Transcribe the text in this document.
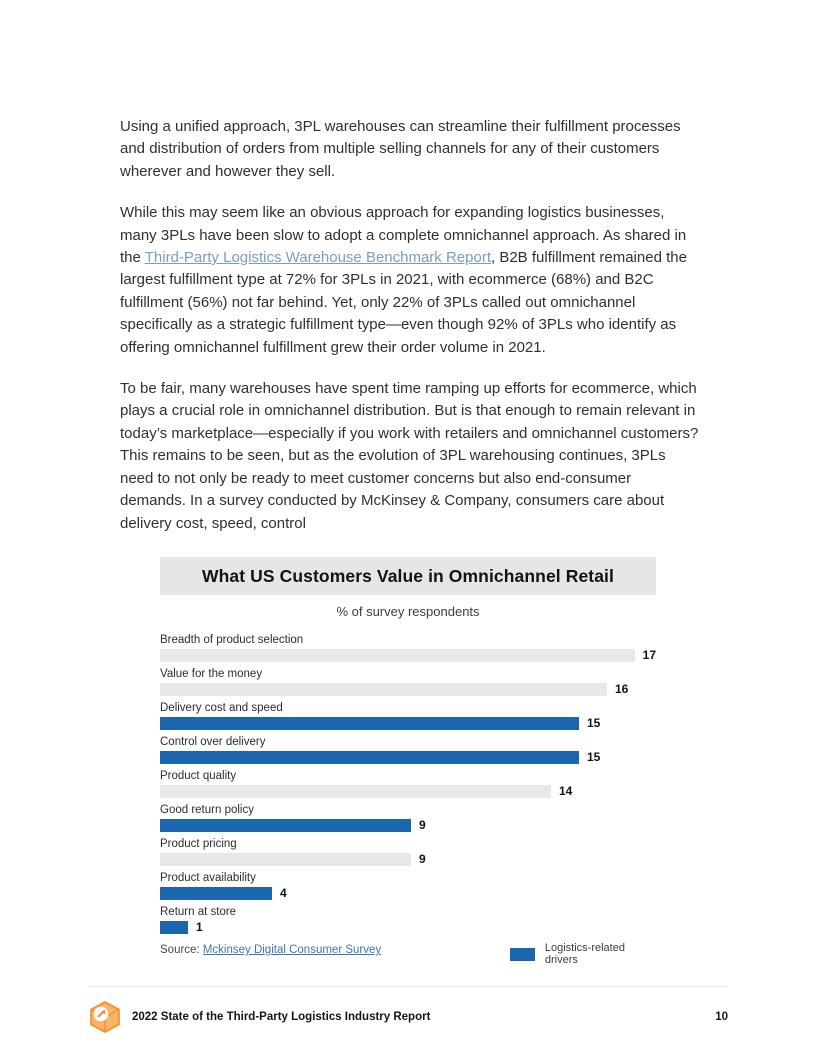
Using a unified approach, 3PL warehouses can streamline their fulfillment processes and distribution of orders from multiple selling channels for any of their customers wherever and however they sell.

While this may seem like an obvious approach for expanding logistics businesses, many 3PLs have been slow to adopt a complete omnichannel approach. As shared in the Third-Party Logistics Warehouse Benchmark Report, B2B fulfillment remained the largest fulfillment type at 72% for 3PLs in 2021, with ecommerce (68%) and B2C fulfillment (56%) not far behind. Yet, only 22% of 3PLs called out omnichannel specifically as a strategic fulfillment type—even though 92% of 3PLs who identify as offering omnichannel fulfillment grew their order volume in 2021.

To be fair, many warehouses have spent time ramping up efforts for ecommerce, which plays a crucial role in omnichannel distribution. But is that enough to remain relevant in today’s marketplace—especially if you work with retailers and omnichannel customers? This remains to be seen, but as the evolution of 3PL warehousing continues, 3PLs need to not only be ready to meet customer concerns but also end-consumer demands. In a survey conducted by McKinsey & Company, consumers care about delivery cost, speed, control

What US Customers Value in Omnichannel Retail
% of survey respondents
Breadth of product selection
17
Value for the money
16
Delivery cost and speed
15
Control over delivery
15
Product quality
14
Good return policy
9
Product pricing
9
Product availability
4
Return at store
1
Source: Mckinsey Digital Consumer Survey	Logistics-related drivers
2022 State of the Third-Party Logistics Industry Report	10
